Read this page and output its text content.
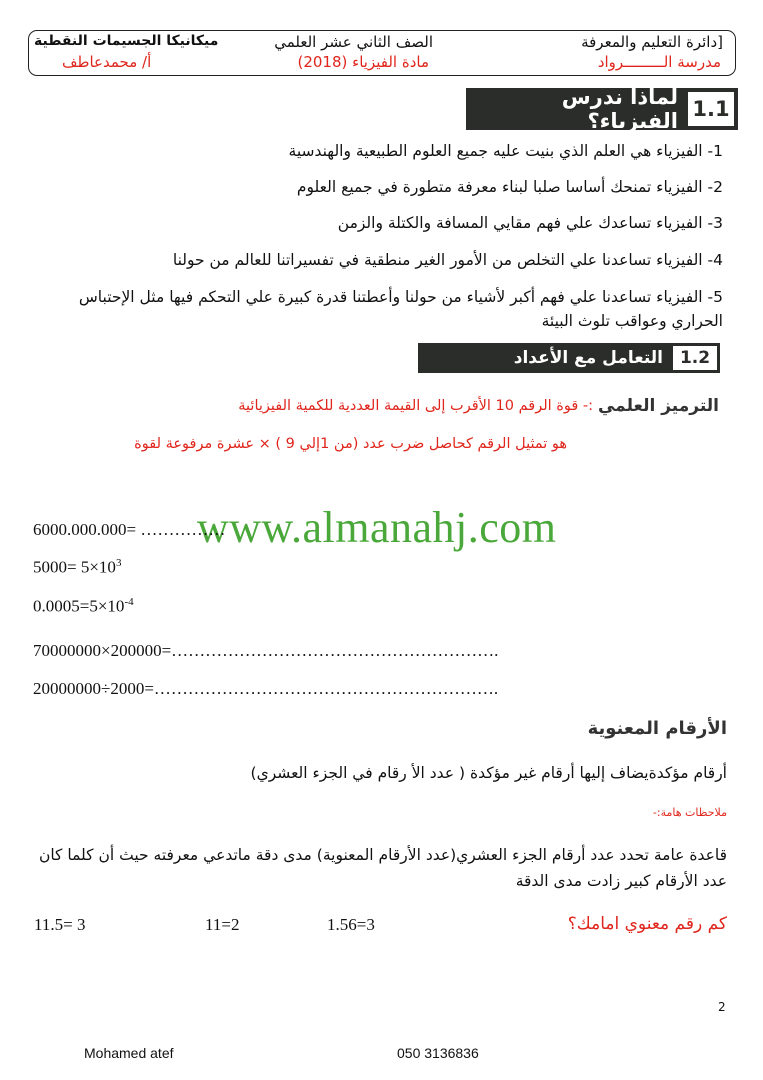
[دائرة التعليم والمعرفة
مدرسة الـــــــــرواد
الصف الثاني عشر العلمي
مادة الفيزياء (2018)
ميكانيكا الجسيمات النقطية
أ/ محمدعاطف
لماذا ندرس الفيزياء؟ 1.1
1- الفيزياء هي العلم الذي بنيت عليه جميع العلوم الطبيعية والهندسية
2- الفيزياء تمنحك أساسا صلبا لبناء معرفة متطورة في جميع العلوم
3- الفيزياء تساعدك علي فهم مقايي المسافة والكتلة والزمن
4- الفيزياء تساعدنا علي التخلص من الأمور الغير منطقية في تفسيراتنا للعالم من حولنا
5- الفيزياء تساعدنا علي فهم أكبر لأشياء من حولنا وأعطتنا قدرة كبيرة علي التحكم فيها مثل الإحتباس
الحراري وعواقب تلوث البيئة
التعامل مع الأعداد 1.2
الترميز العلمي
:- قوة الرقم 10 الأقرب إلى القيمة العددية للكمية الفيزيائية
هو تمثيل الرقم كحاصل ضرب عدد (من 1إلي 9 ) × عشرة مرفوعة لقوة
www.almanahj.com
6000.000.000= ……………
$5000= 5\times 10^3$
$0.0005=5\times 10^{-4}$
70000000×200000=………………………………………………….
20000000÷2000=…………………………………………………….
الأرقام المعنوية
أرقام مؤكدةيضاف إليها أرقام غير مؤكدة ( عدد الأ رقام في الجزء العشري)
ملاحظات هامة:-
قاعدة عامة تحدد عدد أرقام الجزء العشري(عدد الأرقام المعنوية) مدى دقة ماتدعي معرفته حيث أن كلما كان
عدد الأرقام كبير زادت مدى الدقة
كم رقم معنوي امامك؟
1.56=3
11=2
11.5= 3
2
Mohamed atef	050 3136836
